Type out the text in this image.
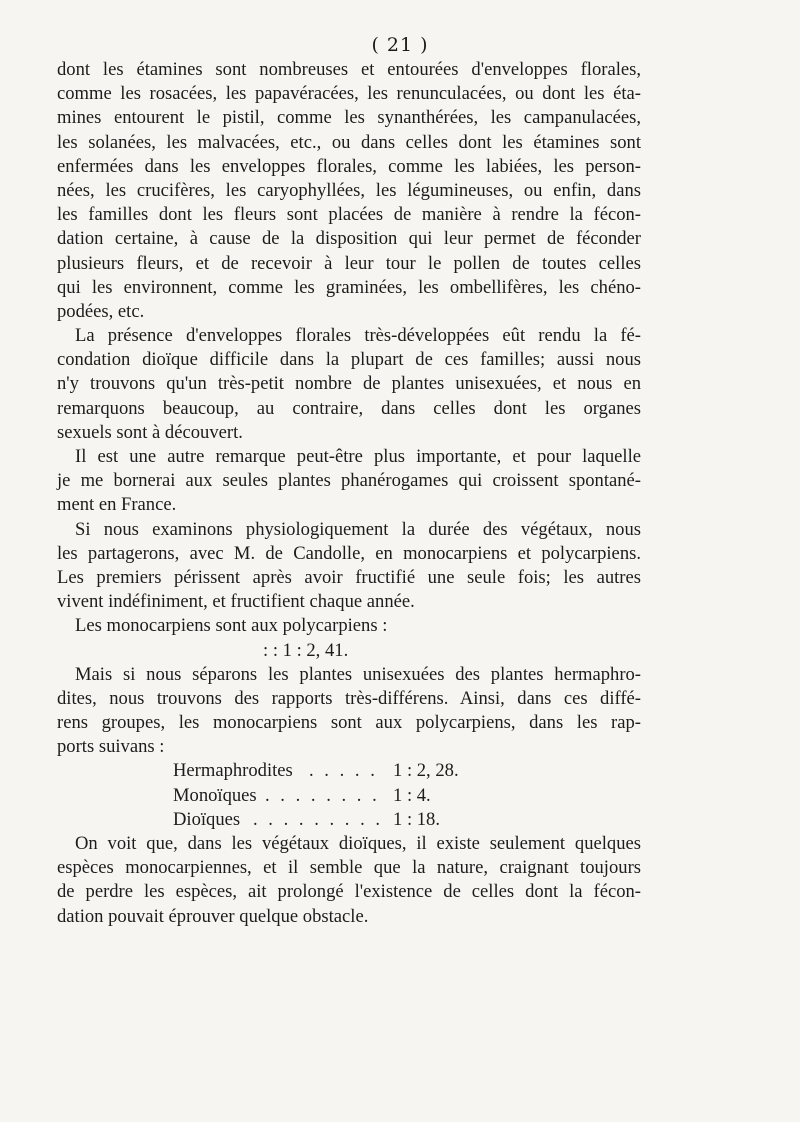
( 21 )
dont les étamines sont nombreuses et entourées d'enveloppes florales,
comme les rosacées, les papavéracées, les renunculacées, ou dont les éta-
mines entourent le pistil, comme les synanthérées, les campanulacées,
les solanées, les malvacées, etc., ou dans celles dont les étamines sont
enfermées dans les enveloppes florales, comme les labiées, les person-
nées, les crucifères, les caryophyllées, les légumineuses, ou enfin, dans
les familles dont les fleurs sont placées de manière à rendre la fécon-
dation certaine, à cause de la disposition qui leur permet de féconder
plusieurs fleurs, et de recevoir à leur tour le pollen de toutes celles
qui les environnent, comme les graminées, les ombellifères, les chéno-
podées, etc.
La présence d'enveloppes florales très-développées eût rendu la fé-
condation dioïque difficile dans la plupart de ces familles; aussi nous
n'y trouvons qu'un très-petit nombre de plantes unisexuées, et nous en
remarquons beaucoup, au contraire, dans celles dont les organes
sexuels sont à découvert.
Il est une autre remarque peut-être plus importante, et pour laquelle
je me bornerai aux seules plantes phanérogames qui croissent spontané-
ment en France.
Si nous examinons physiologiquement la durée des végétaux, nous
les partagerons, avec M. de Candolle, en monocarpiens et polycarpiens.
Les premiers périssent après avoir fructifié une seule fois; les autres
vivent indéfiniment, et fructifient chaque année.
Les monocarpiens sont aux polycarpiens :
: : 1 : 2, 41.
Mais si nous séparons les plantes unisexuées des plantes hermaphro-
dites, nous trouvons des rapports très-différens. Ainsi, dans ces diffé-
rens groupes, les monocarpiens sont aux polycarpiens, dans les rap-
ports suivans :
Hermaphrodites . . . . . 1 : 2, 28.
Monoïques . . . . . . . . 1 : 4.
Dioïques . . . . . . . . . 1 : 18.
On voit que, dans les végétaux dioïques, il existe seulement quelques
espèces monocarpiennes, et il semble que la nature, craignant toujours
de perdre les espèces, ait prolongé l'existence de celles dont la fécon-
dation pouvait éprouver quelque obstacle.
